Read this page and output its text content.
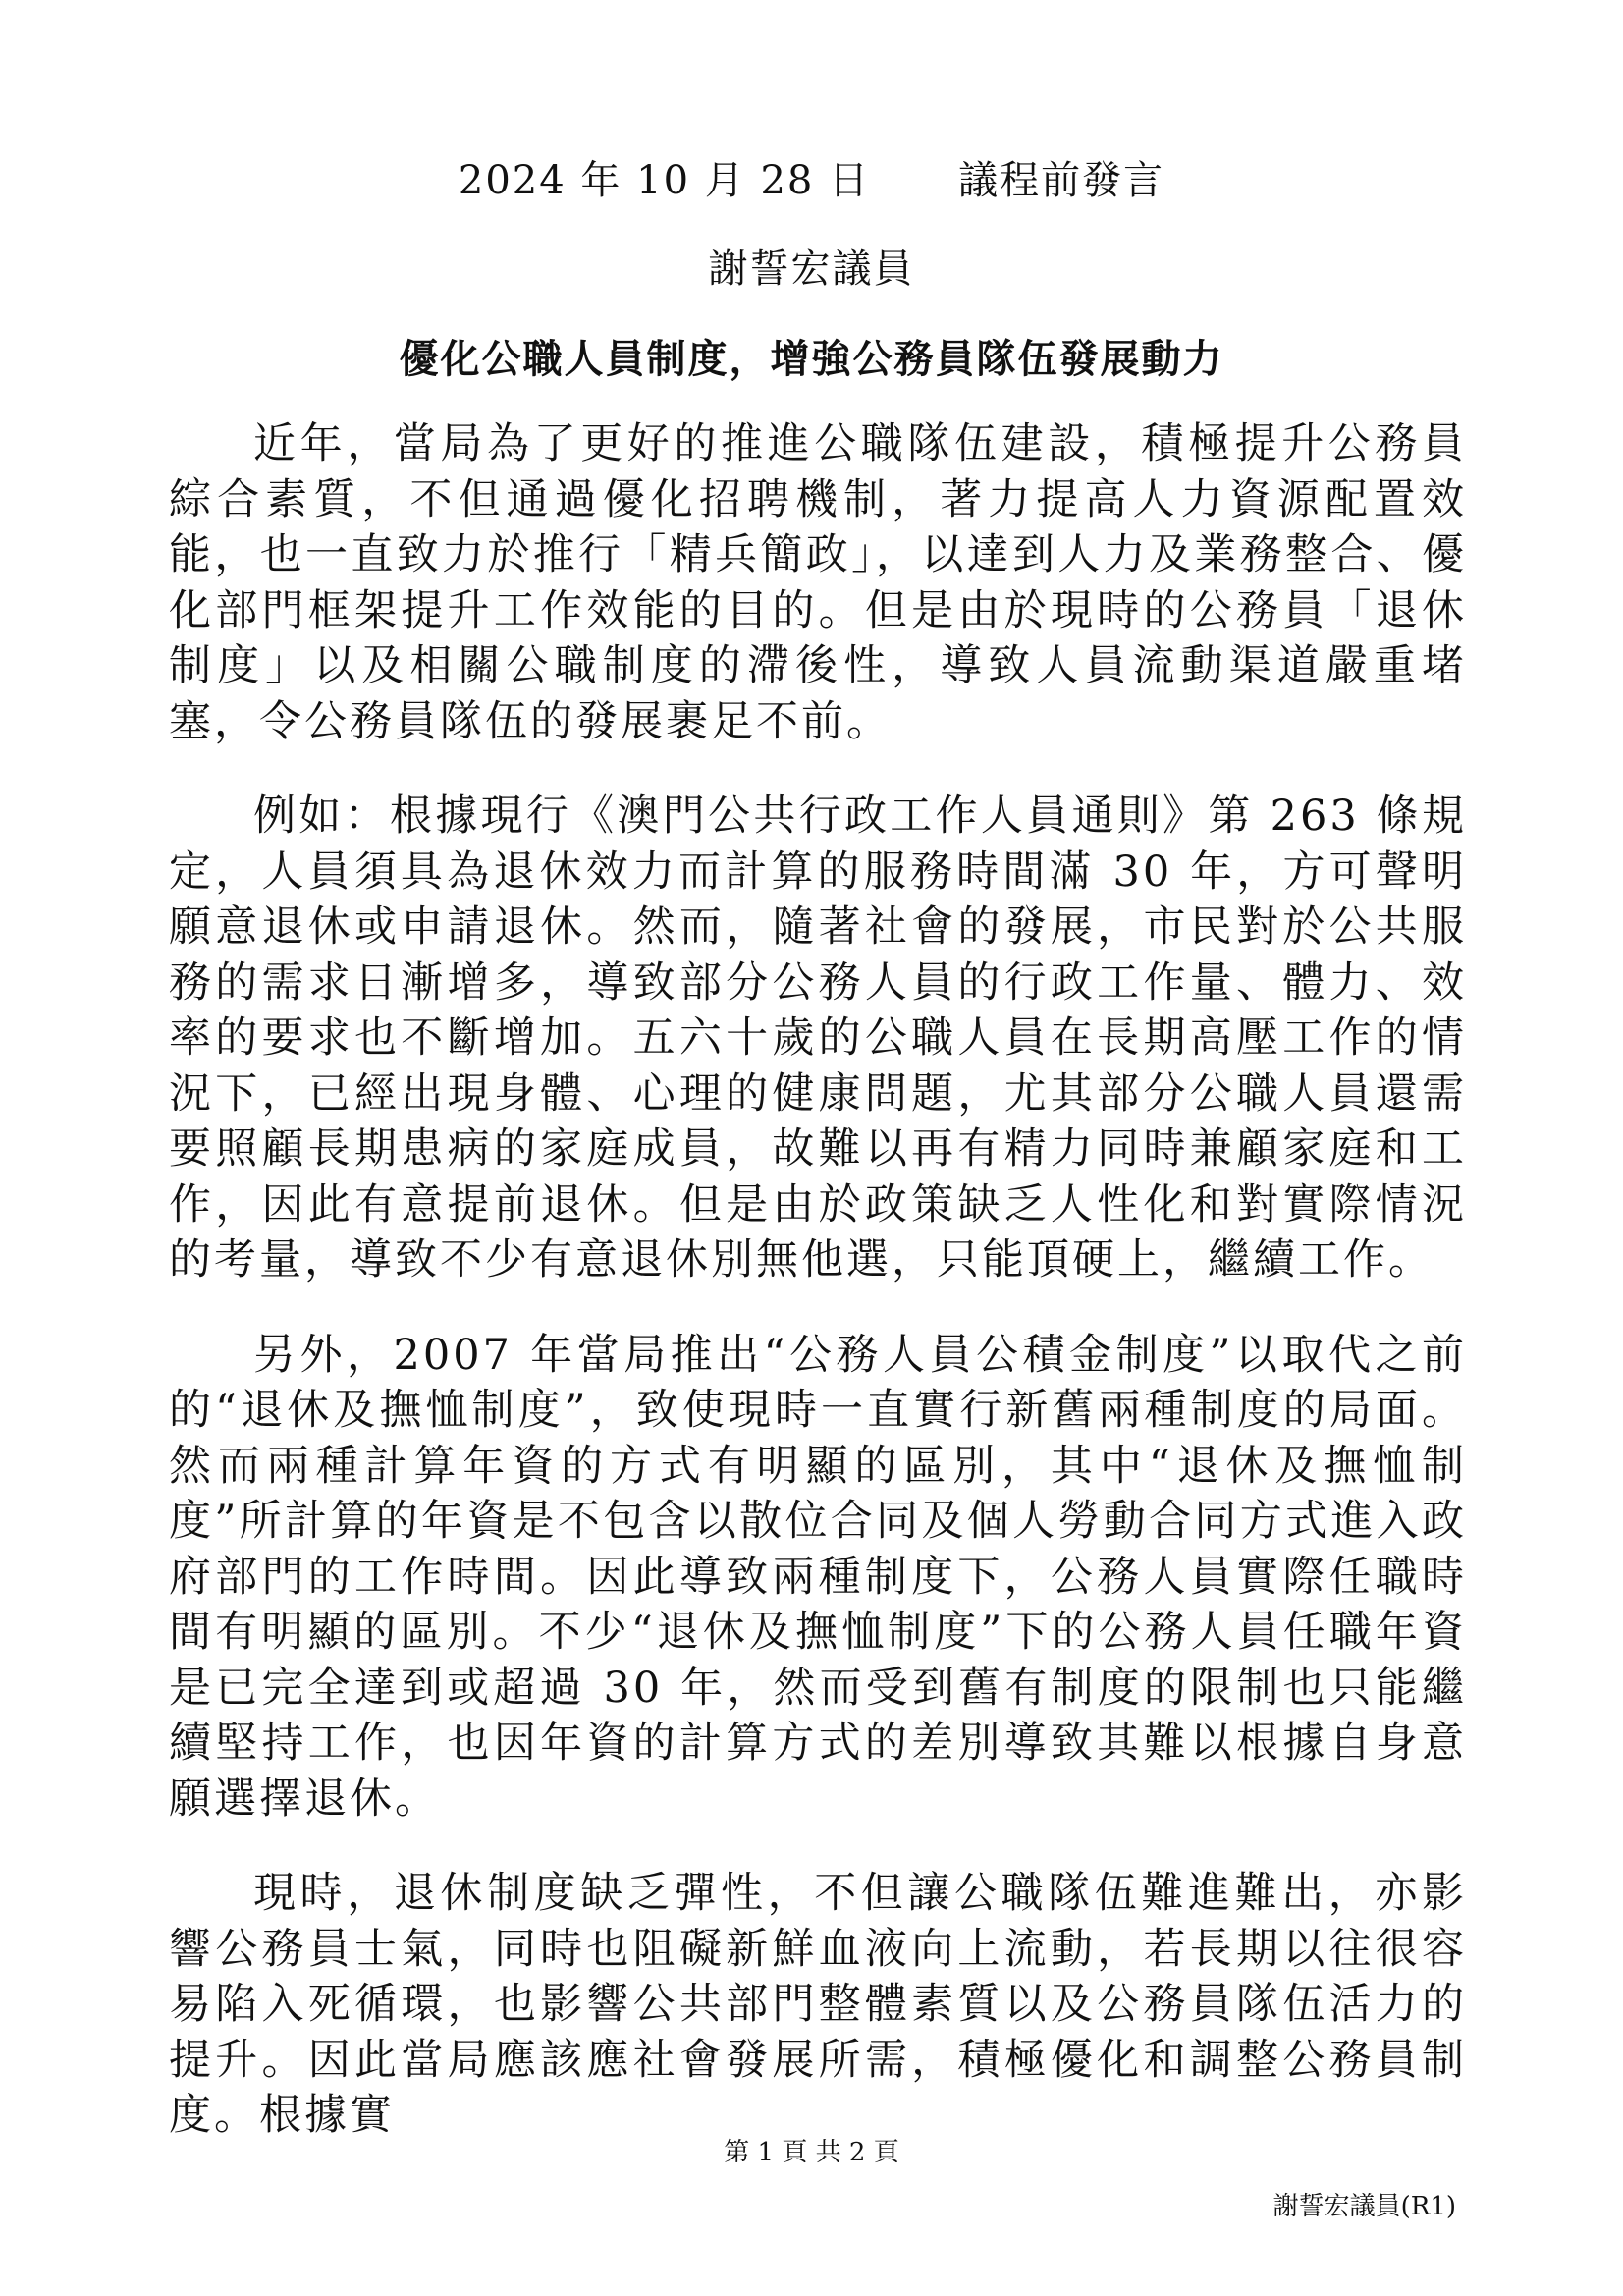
2024 年 10 月 28 日 議程前發言
謝誓宏議員
優化公職人員制度，增強公務員隊伍發展動力

近年，當局為了更好的推進公職隊伍建設，積極提升公務員綜合素質，不但通過優化招聘機制，著力提高人力資源配置效能，也一直致力於推行「精兵簡政」，以達到人力及業務整合、優化部門框架提升工作效能的目的。但是由於現時的公務員「退休制度」以及相關公職制度的滯後性，導致人員流動渠道嚴重堵塞，令公務員隊伍的發展裹足不前。

例如：根據現行《澳門公共行政工作人員通則》第 263 條規定，人員須具為退休效力而計算的服務時間滿 30 年，方可聲明願意退休或申請退休。然而，隨著社會的發展，市民對於公共服務的需求日漸增多，導致部分公務人員的行政工作量、體力、效率的要求也不斷增加。五六十歲的公職人員在長期高壓工作的情況下，已經出現身體、心理的健康問題，尤其部分公職人員還需要照顧長期患病的家庭成員，故難以再有精力同時兼顧家庭和工作，因此有意提前退休。但是由於政策缺乏人性化和對實際情況的考量，導致不少有意退休別無他選，只能頂硬上，繼續工作。

另外，2007 年當局推出“公務人員公積金制度”以取代之前的“退休及撫恤制度”，致使現時一直實行新舊兩種制度的局面。然而兩種計算年資的方式有明顯的區別，其中“退休及撫恤制度”所計算的年資是不包含以散位合同及個人勞動合同方式進入政府部門的工作時間。因此導致兩種制度下，公務人員實際任職時間有明顯的區別。不少“退休及撫恤制度”下的公務人員任職年資是已完全達到或超過 30 年，然而受到舊有制度的限制也只能繼續堅持工作，也因年資的計算方式的差別導致其難以根據自身意願選擇退休。

現時，退休制度缺乏彈性，不但讓公職隊伍難進難出，亦影響公務員士氣，同時也阻礙新鮮血液向上流動，若長期以往很容易陷入死循環，也影響公共部門整體素質以及公務員隊伍活力的提升。因此當局應該應社會發展所需，積極優化和調整公務員制度。根據實

第 1 頁 共 2 頁
謝誓宏議員(R1)
